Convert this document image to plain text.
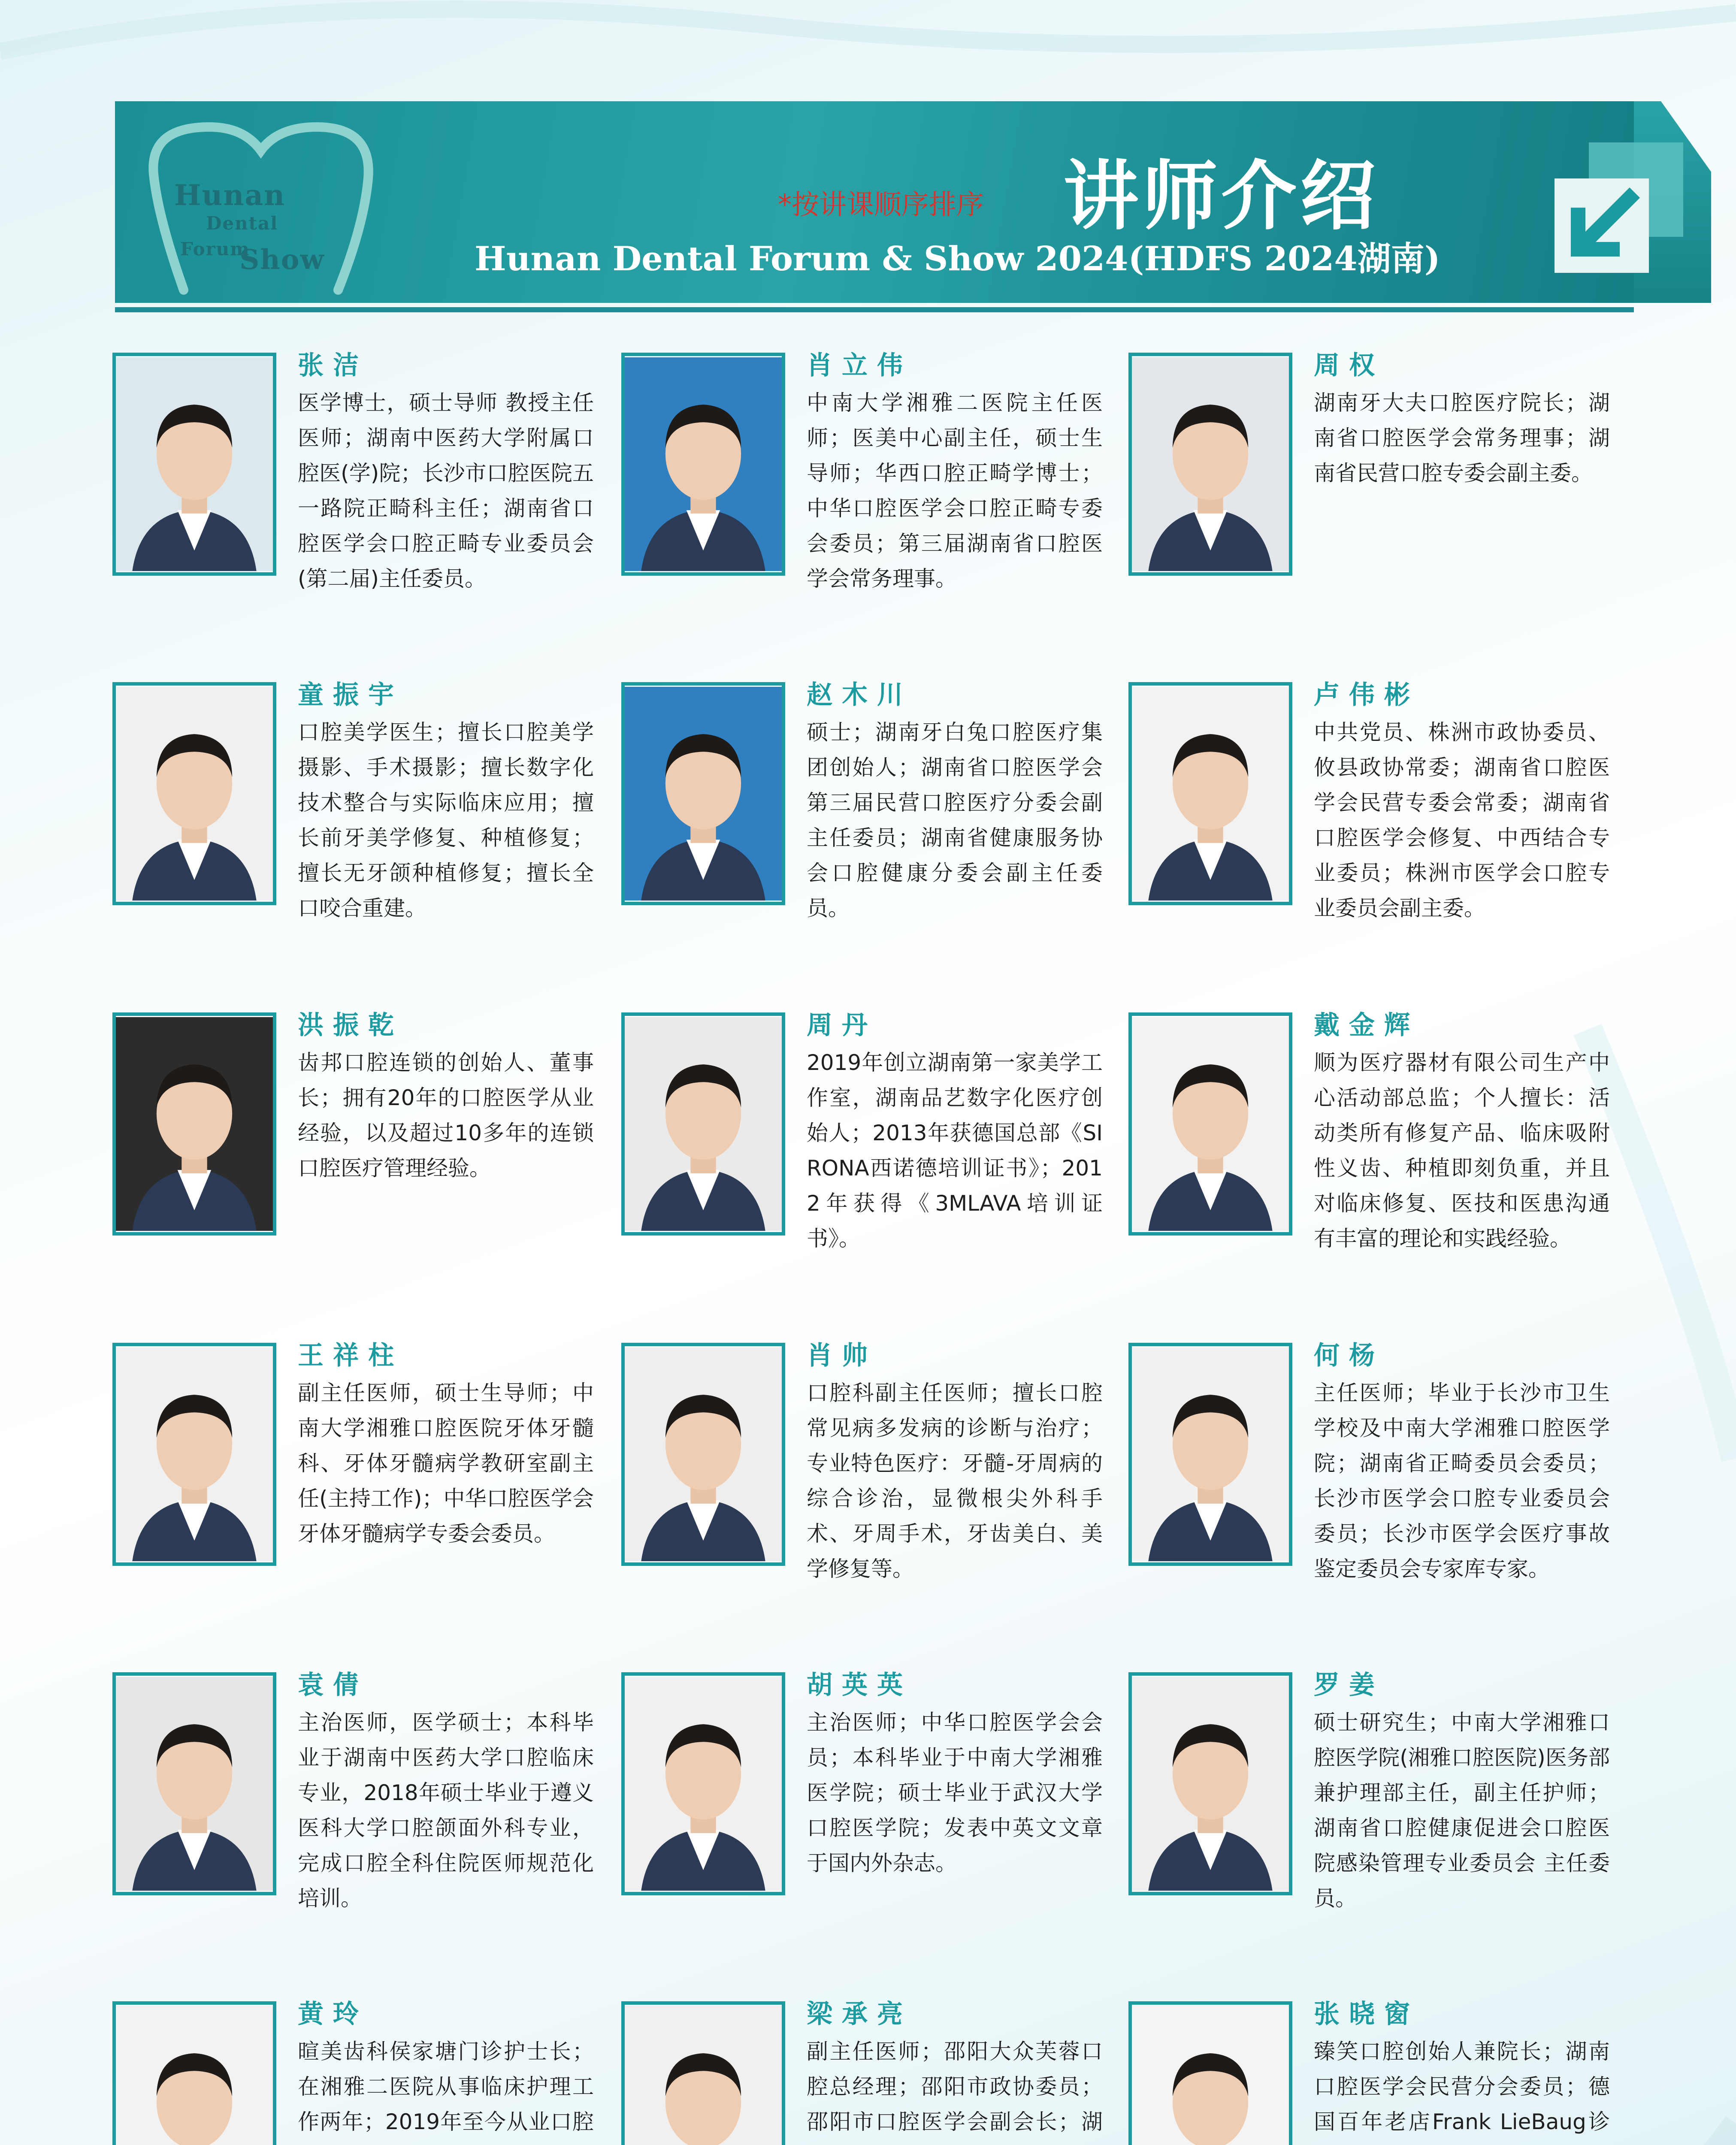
Hunan
Dental
Forum
Show
*按讲课顺序排序 讲师介绍
Hunan Dental Forum & Show 2024(HDFS 2024湖南)
张洁
医学博士，硕士导师 教授主任医师；湖南中医药大学附属口腔医(学)院；长沙市口腔医院五一路院正畸科主任；湖南省口腔医学会口腔正畸专业委员会(第二届)主任委员。
肖立伟
中南大学湘雅二医院主任医师；医美中心副主任，硕士生导师；华西口腔正畸学博士；中华口腔医学会口腔正畸专委会委员；第三届湖南省口腔医学会常务理事。
周权
湖南牙大夫口腔医疗院长；湖南省口腔医学会常务理事；湖南省民营口腔专委会副主委。
童振宇
口腔美学医生；擅长口腔美学摄影、手术摄影；擅长数字化技术整合与实际临床应用；擅长前牙美学修复、种植修复；擅长无牙颌种植修复；擅长全口咬合重建。
赵木川
硕士；湖南牙白兔口腔医疗集团创始人；湖南省口腔医学会第三届民营口腔医疗分委会副主任委员；湖南省健康服务协会口腔健康分委会副主任委员。
卢伟彬
中共党员、株洲市政协委员、攸县政协常委；湖南省口腔医学会民营专委会常委；湖南省口腔医学会修复、中西结合专业委员；株洲市医学会口腔专业委员会副主委。
洪振乾
齿邦口腔连锁的创始人、董事长；拥有20年的口腔医学从业经验，以及超过10多年的连锁口腔医疗管理经验。
周丹
2019年创立湖南第一家美学工作室，湖南品艺数字化医疗创始人；2013年获德国总部《SIRONA西诺德培训证书》；2012年获得《3MLAVA培训证书》。
戴金辉
顺为医疗器材有限公司生产中心活动部总监；个人擅长：活动类所有修复产品、临床吸附性义齿、种植即刻负重，并且对临床修复、医技和医患沟通有丰富的理论和实践经验。
王祥柱
副主任医师，硕士生导师；中南大学湘雅口腔医院牙体牙髓科、牙体牙髓病学教研室副主任(主持工作)；中华口腔医学会牙体牙髓病学专委会委员。
肖帅
口腔科副主任医师；擅长口腔常见病多发病的诊断与治疗；专业特色医疗：牙髓-牙周病的综合诊治，显微根尖外科手术、牙周手术，牙齿美白、美学修复等。
何杨
主任医师；毕业于长沙市卫生学校及中南大学湘雅口腔医学院；湖南省正畸委员会委员；长沙市医学会口腔专业委员会委员；长沙市医学会医疗事故鉴定委员会专家库专家。
袁倩
主治医师，医学硕士；本科毕业于湖南中医药大学口腔临床专业，2018年硕士毕业于遵义医科大学口腔颌面外科专业，完成口腔全科住院医师规范化培训。
胡英英
主治医师；中华口腔医学会会员；本科毕业于中南大学湘雅医学院；硕士毕业于武汉大学口腔医学院；发表中英文文章于国内外杂志。
罗姜
硕士研究生；中南大学湘雅口腔医学院(湘雅口腔医院)医务部兼护理部主任，副主任护师；湖南省口腔健康促进会口腔医院感染管理专业委员会 主任委员。
黄玲
暄美齿科侯家塘门诊护士长；在湘雅二医院从事临床护理工作两年；2019年至今从业口腔
梁承亮
副主任医师；邵阳大众芙蓉口腔总经理；邵阳市政协委员；邵阳市口腔医学会副会长；湖
张晓窗
臻笑口腔创始人兼院长；湖南口腔医学会民营分会委员；德国百年老店Frank LieBaug诊
